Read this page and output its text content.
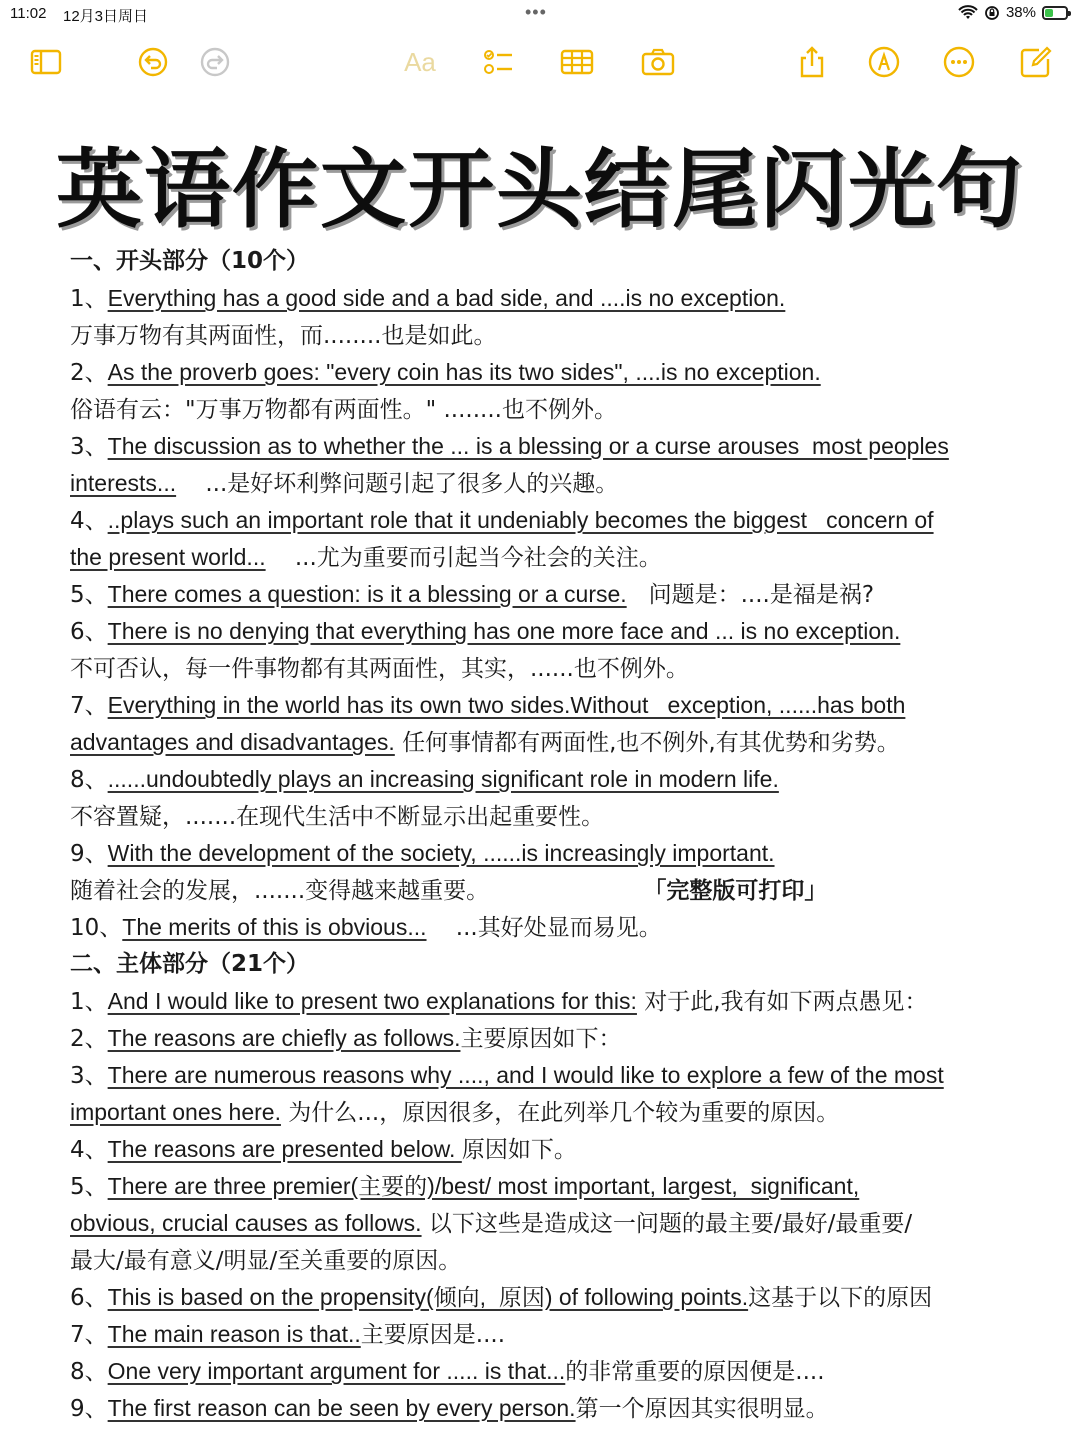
11:02 12月3日周日	•••	38%
Aa
英语作文开头结尾闪光句
一、开头部分（10个）
1、Everything has a good side and a bad side, and ....is no exception.
万事万物有其两面性，而........也是如此。
2、As the proverb goes: "every coin has its two sides", ....is no exception.
俗语有云："万事万物都有两面性。" ........也不例外。
3、The discussion as to whether the ... is a blessing or a curse arouses  most peoples
interests...    ...是好坏利弊问题引起了很多人的兴趣。
4、..plays such an important role that it undeniably becomes the biggest   concern of
the present world...    ...尤为重要而引起当今社会的关注。
5、There comes a question: is it a blessing or a curse.   问题是：....是福是祸?
6、There is no denying that everything has one more face and ... is no exception.
不可否认，每一件事物都有其两面性，其实，......也不例外。
7、Everything in the world has its own two sides.Without   exception, ......has both
advantages and disadvantages. 任何事情都有两面性,也不例外,有其优势和劣势。
8、......undoubtedly plays an increasing significant role in modern life.
不容置疑，.......在现代生活中不断显示出起重要性。
9、With the development of the society, ......is increasingly important.
随着社会的发展，.......变得越来越重要。                    「完整版可打印」
10、The merits of this is obvious...    ...其好处显而易见。
二、主体部分（21个）
1、And I would like to present two explanations for this: 对于此,我有如下两点愚见：
2、The reasons are chiefly as follows.主要原因如下：
3、There are numerous reasons why ...., and I would like to explore a few of the most
important ones here. 为什么...，原因很多，在此列举几个较为重要的原因。
4、The reasons are presented below. 原因如下。
5、There are three premier(主要的)/best/ most important, largest,  significant,
obvious, crucial causes as follows. 以下这些是造成这一问题的最主要/最好/最重要/
最大/最有意义/明显/至关重要的原因。
6、This is based on the propensity(倾向,  原因) of following points.这基于以下的原因
7、The main reason is that..主要原因是....
8、One very important argument for ..... is that...的非常重要的原因便是....
9、The first reason can be seen by every person.第一个原因其实很明显。
